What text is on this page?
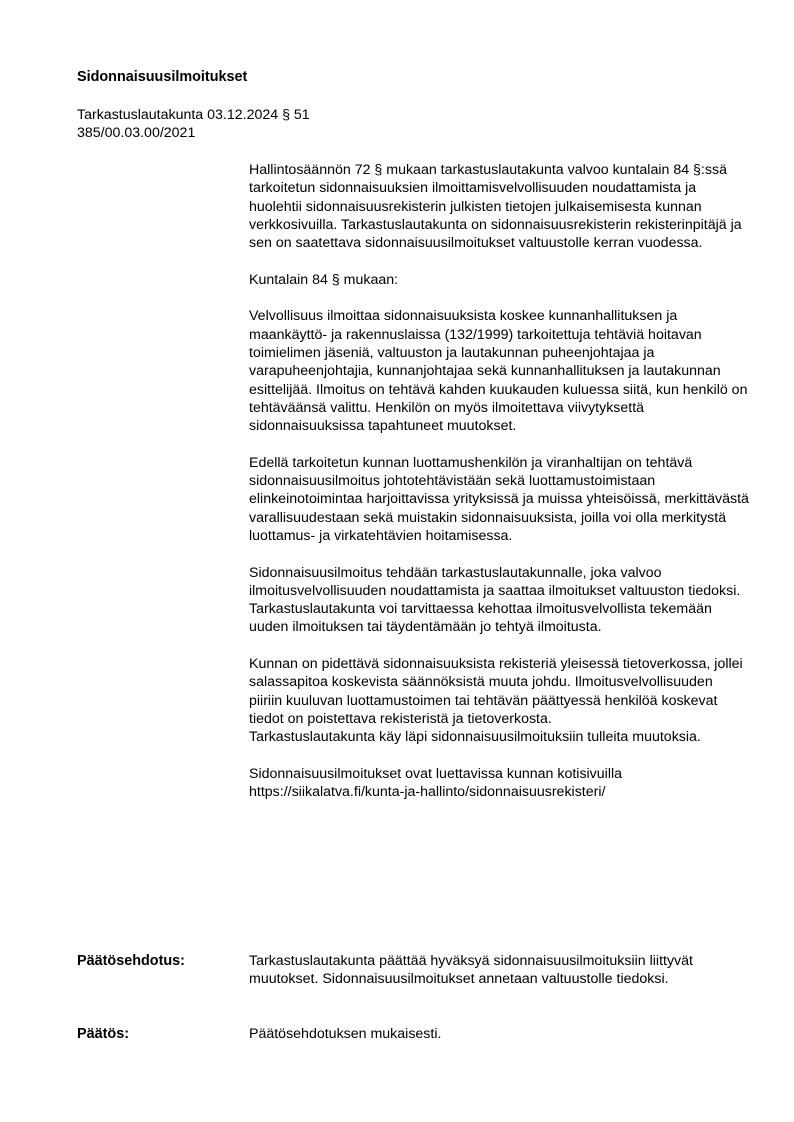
Sidonnaisuusilmoitukset
Tarkastuslautakunta 03.12.2024 § 51
385/00.03.00/2021

Hallintosäännön 72 § mukaan tarkastuslautakunta valvoo kuntalain 84 §:ssä tarkoitetun sidonnaisuuksien ilmoittamisvelvollisuuden noudattamista ja huolehtii sidonnaisuusrekisterin julkisten tietojen julkaisemisesta kunnan verkkosivuilla. Tarkastuslautakunta on sidonnaisuusrekisterin rekisterinpitäjä ja sen on saatettava sidonnaisuusilmoitukset valtuustolle kerran vuodessa.

Kuntalain 84 § mukaan:

Velvollisuus ilmoittaa sidonnaisuuksista koskee kunnanhallituksen ja maankäyttö- ja rakennuslaissa (132/1999) tarkoitettuja tehtäviä hoitavan toimielimen jäseniä, valtuuston ja lautakunnan puheenjohtajaa ja varapuheenjohtajia, kunnanjohtajaa sekä kunnanhallituksen ja lautakunnan esittelijää. Ilmoitus on tehtävä kahden kuukauden kuluessa siitä, kun henkilö on tehtäväänsä valittu. Henkilön on myös ilmoitettava viivytyksettä sidonnaisuuksissa tapahtuneet muutokset.

Edellä tarkoitetun kunnan luottamushenkilön ja viranhaltijan on tehtävä sidonnaisuusilmoitus johtotehtävistään sekä luottamustoimistaan elinkeinotoimintaa harjoittavissa yrityksissä ja muissa yhteisöissä, merkittävästä varallisuudestaan sekä muistakin sidonnaisuuksista, joilla voi olla merkitystä luottamus- ja virkatehtävien hoitamisessa.

Sidonnaisuusilmoitus tehdään tarkastuslautakunnalle, joka valvoo ilmoitusvelvollisuuden noudattamista ja saattaa ilmoitukset valtuuston tiedoksi. Tarkastuslautakunta voi tarvittaessa kehottaa ilmoitusvelvollista tekemään uuden ilmoituksen tai täydentämään jo tehtyä ilmoitusta.

Kunnan on pidettävä sidonnaisuuksista rekisteriä yleisessä tietoverkossa, jollei salassapitoa koskevista säännöksistä muuta johdu. Ilmoitusvelvollisuuden piiriin kuuluvan luottamustoimen tai tehtävän päättyessä henkilöä koskevat tiedot on poistettava rekisteristä ja tietoverkosta.

Tarkastuslautakunta käy läpi sidonnaisuusilmoituksiin tulleita muutoksia.

Sidonnaisuusilmoitukset ovat luettavissa kunnan kotisivuilla

https://siikalatva.fi/kunta-ja-hallinto/sidonnaisuusrekisteri/

Päätösehdotus:	Tarkastuslautakunta päättää hyväksyä sidonnaisuusilmoituksiin liittyvät muutokset. Sidonnaisuusilmoitukset annetaan valtuustolle tiedoksi.

Päätös:	Päätösehdotuksen mukaisesti.
